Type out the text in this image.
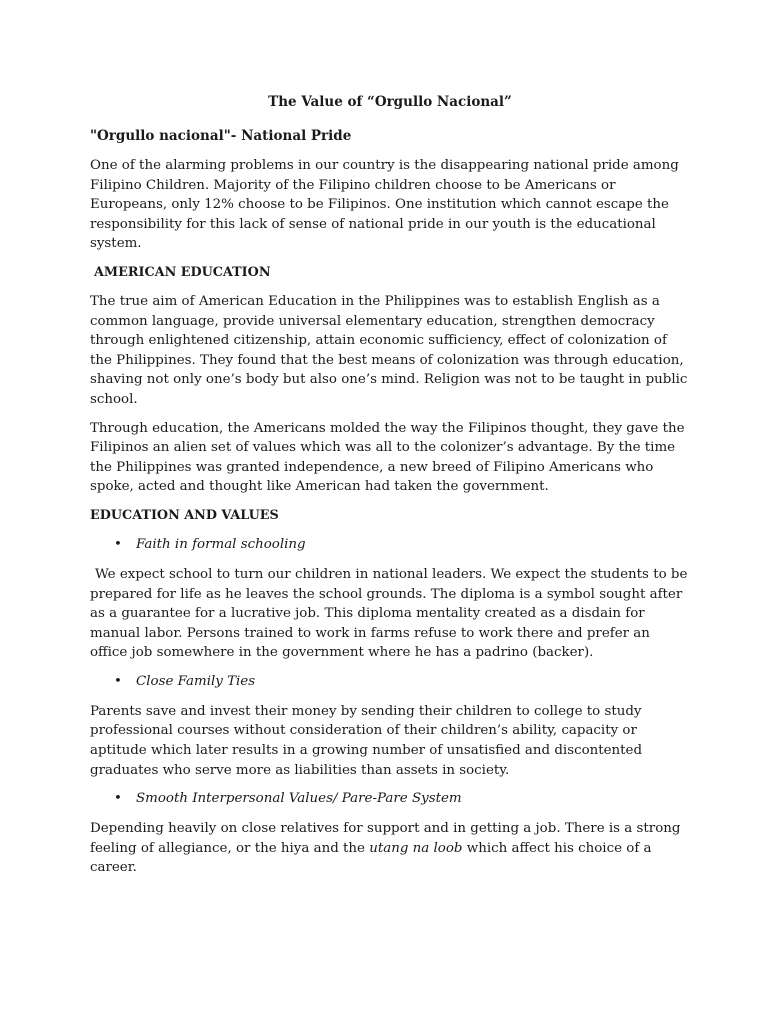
The Value of “Orgullo Nacional”
"Orgullo nacional"- National Pride

One of the alarming problems in our country is the disappearing national pride among Filipino Children. Majority of the Filipino children choose to be Americans or Europeans, only 12% choose to be Filipinos. One institution which cannot escape the responsibility for this lack of sense of national pride in our youth is the educational system.

AMERICAN EDUCATION

The true aim of American Education in the Philippines was to establish English as a common language, provide universal elementary education, strengthen democracy through enlightened citizenship, attain economic sufficiency, effect of colonization of the Philippines. They found that the best means of colonization was through education, shaving not only one’s body but also one’s mind. Religion was not to be taught in public school.

Through education, the Americans molded the way the Filipinos thought, they gave the Filipinos an alien set of values which was all to the colonizer’s advantage. By the time the Philippines was granted independence, a new breed of Filipino Americans who spoke, acted and thought like American had taken the government.

EDUCATION AND VALUES
• Faith in formal schooling

We expect school to turn our children in national leaders. We expect the students to be prepared for life as he leaves the school grounds. The diploma is a symbol sought after as a guarantee for a lucrative job. This diploma mentality created as a disdain for manual labor. Persons trained to work in farms refuse to work there and prefer an office job somewhere in the government where he has a padrino (backer).

• Close Family Ties

Parents save and invest their money by sending their children to college to study professional courses without consideration of their children’s ability, capacity or aptitude which later results in a growing number of unsatisfied and discontented graduates who serve more as liabilities than assets in society.

• Smooth Interpersonal Values/ Pare-Pare System

Depending heavily on close relatives for support and in getting a job. There is a strong feeling of allegiance, or the hiya and the utang na loob which affect his choice of a career.
